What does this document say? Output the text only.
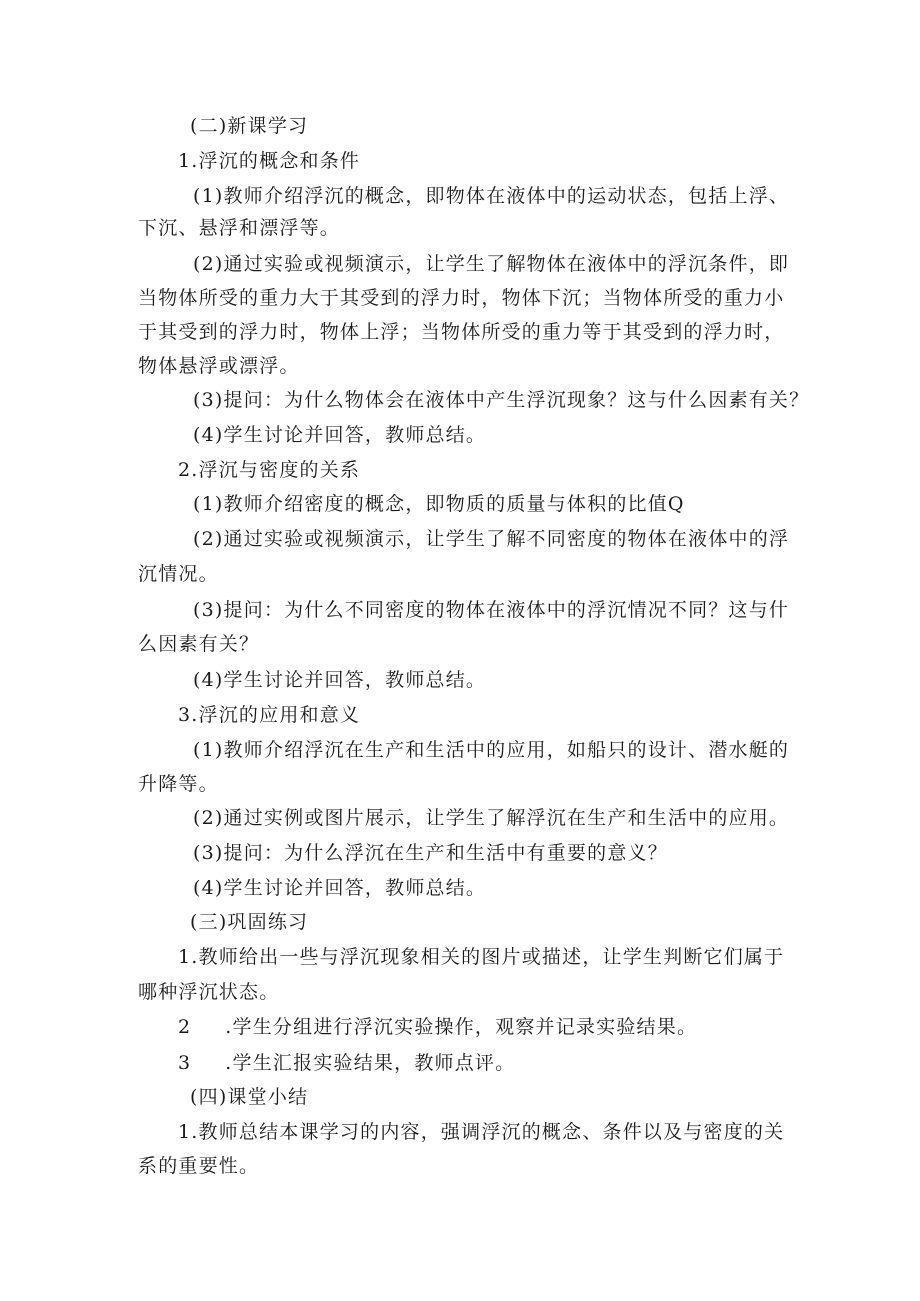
(二)新课学习
1.浮沉的概念和条件
(1)教师介绍浮沉的概念，即物体在液体中的运动状态，包括上浮、
下沉、悬浮和漂浮等。
(2)通过实验或视频演示，让学生了解物体在液体中的浮沉条件，即
当物体所受的重力大于其受到的浮力时，物体下沉；当物体所受的重力小
于其受到的浮力时，物体上浮；当物体所受的重力等于其受到的浮力时，
物体悬浮或漂浮。
(3)提问：为什么物体会在液体中产生浮沉现象？这与什么因素有关？
(4)学生讨论并回答，教师总结。
2.浮沉与密度的关系
(1)教师介绍密度的概念，即物质的质量与体积的比值Q
(2)通过实验或视频演示，让学生了解不同密度的物体在液体中的浮
沉情况。
(3)提问：为什么不同密度的物体在液体中的浮沉情况不同？这与什
么因素有关？
(4)学生讨论并回答，教师总结。
3.浮沉的应用和意义
(1)教师介绍浮沉在生产和生活中的应用，如船只的设计、潜水艇的
升降等。
(2)通过实例或图片展示，让学生了解浮沉在生产和生活中的应用。
(3)提问：为什么浮沉在生产和生活中有重要的意义？
(4)学生讨论并回答，教师总结。
(三)巩固练习
1.教师给出一些与浮沉现象相关的图片或描述，让学生判断它们属于
哪种浮沉状态。
2 .学生分组进行浮沉实验操作，观察并记录实验结果。
3 .学生汇报实验结果，教师点评。
(四)课堂小结
1.教师总结本课学习的内容，强调浮沉的概念、条件以及与密度的关
系的重要性。
